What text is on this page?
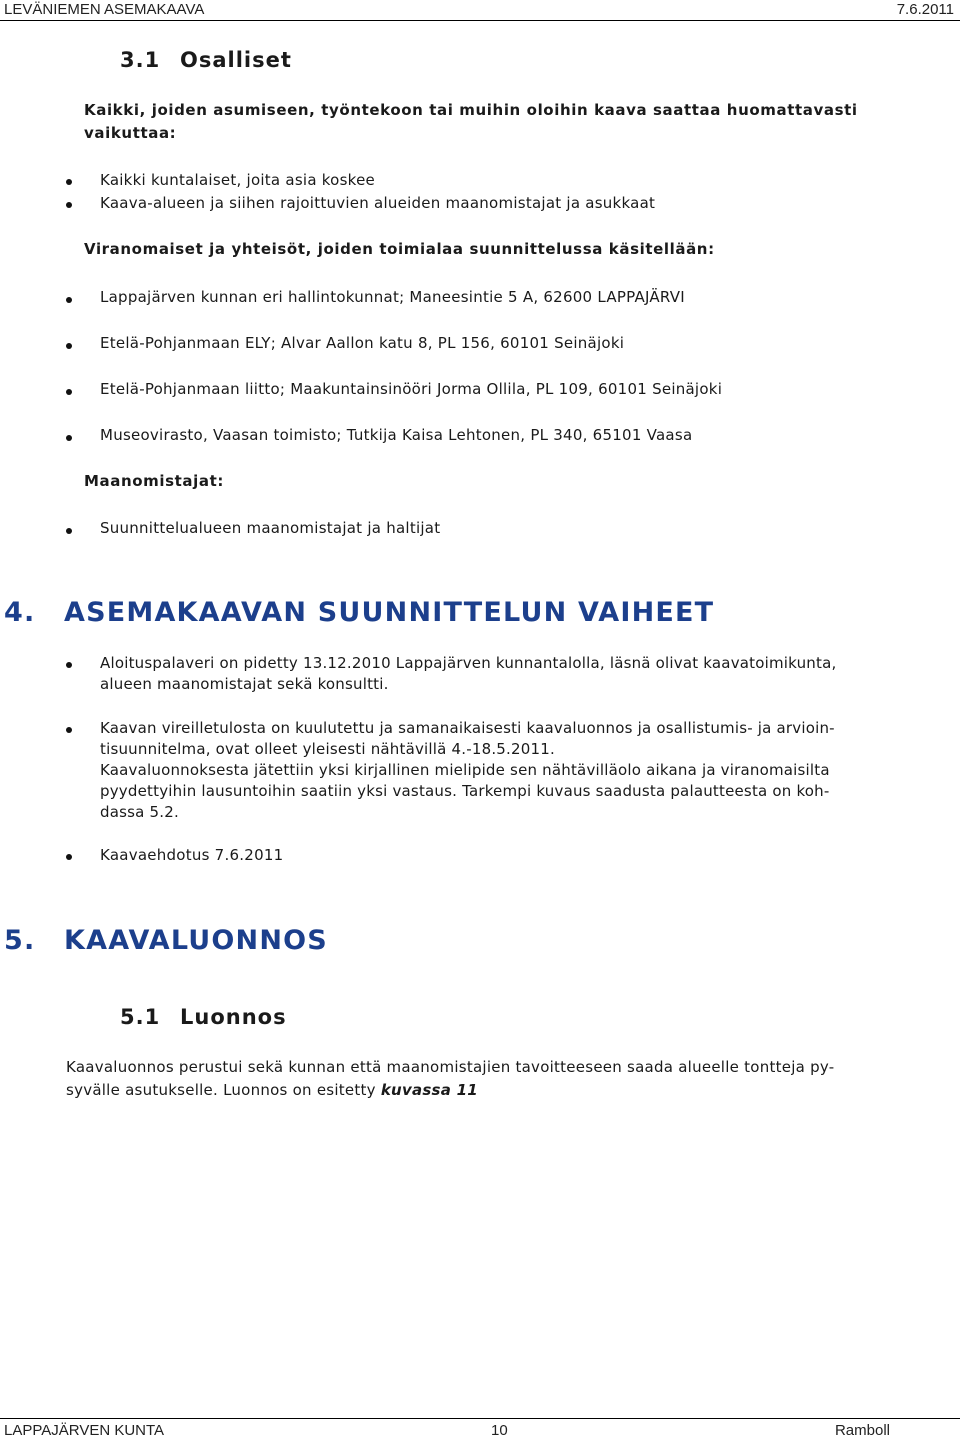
LEVÄNIEMEN ASEMAKAAVA	7.6.2011
3.1 Osalliset
Kaikki, joiden asumiseen, työntekoon tai muihin oloihin kaava saattaa huomattavasti
vaikuttaa:
Kaikki kuntalaiset, joita asia koskee
Kaava-alueen ja siihen rajoittuvien alueiden maanomistajat ja asukkaat
Viranomaiset ja yhteisöt, joiden toimialaa suunnittelussa käsitellään:
Lappajärven kunnan eri hallintokunnat; Maneesintie 5 A, 62600 LAPPAJÄRVI
Etelä-Pohjanmaan ELY; Alvar Aallon katu 8, PL 156, 60101 Seinäjoki
Etelä-Pohjanmaan liitto; Maakuntainsinööri Jorma Ollila, PL 109, 60101 Seinäjoki
Museovirasto, Vaasan toimisto; Tutkija Kaisa Lehtonen, PL 340, 65101 Vaasa
Maanomistajat:
Suunnittelualueen maanomistajat ja haltijat
4. ASEMAKAAVAN SUUNNITTELUN VAIHEET
Aloituspalaveri on pidetty 13.12.2010 Lappajärven kunnantalolla, läsnä olivat kaavatoimikunta,
alueen maanomistajat sekä konsultti.
Kaavan vireilletulosta on kuulutettu ja samanaikaisesti kaavaluonnos ja osallistumis- ja arvioin-
tisuunnitelma, ovat olleet yleisesti nähtävillä 4.-18.5.2011.
Kaavaluonnoksesta jätettiin yksi kirjallinen mielipide sen nähtävilläolo aikana ja viranomaisilta
pyydettyihin lausuntoihin saatiin yksi vastaus. Tarkempi kuvaus saadusta palautteesta on koh-
dassa 5.2.
Kaavaehdotus 7.6.2011
5. KAAVALUONNOS
5.1 Luonnos
Kaavaluonnos perustui sekä kunnan että maanomistajien tavoitteeseen saada alueelle tontteja py-
syvälle asutukselle. Luonnos on esitetty kuvassa 11
LAPPAJÄRVEN KUNTA	10	Ramboll
